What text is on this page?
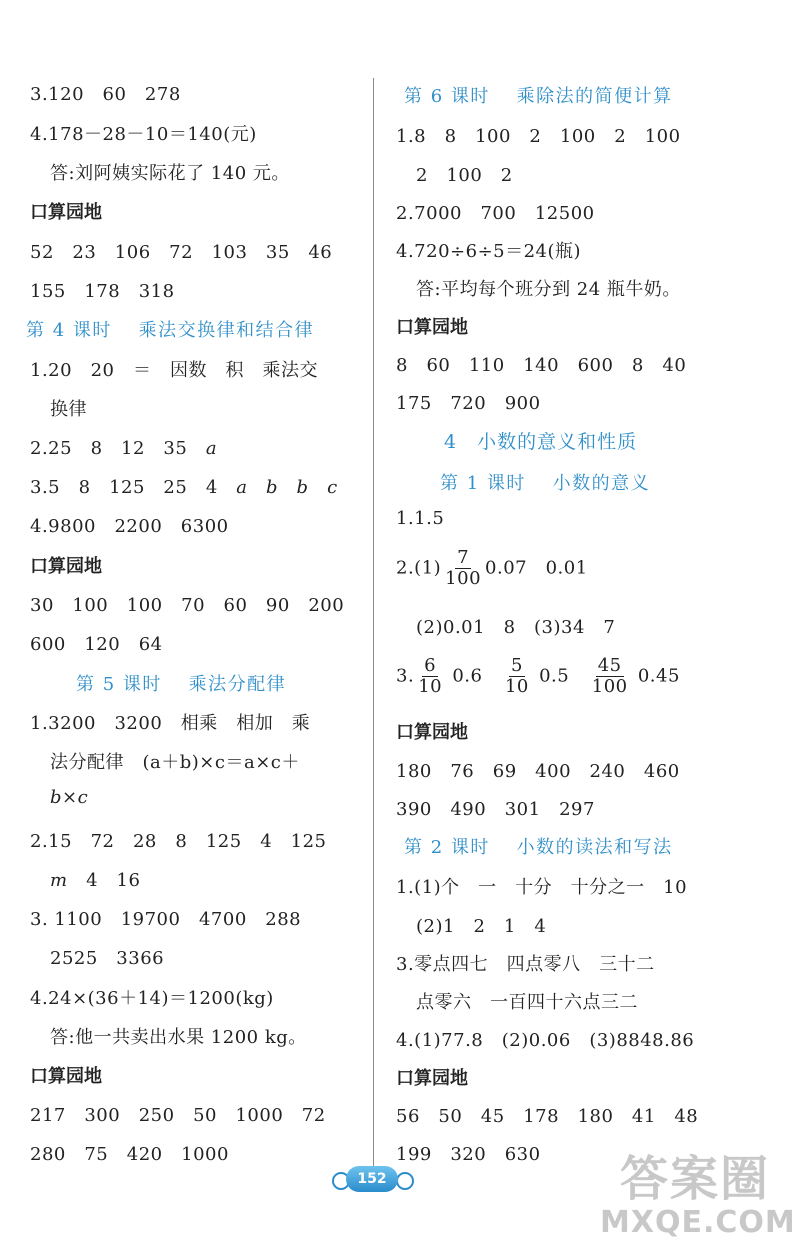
3.120　60　278
4.178－28－10＝140(元)
答:刘阿姨实际花了 140 元。
口算园地
52　23　106　72　103　35　46
155　178　318
第 4 课时　 乘法交换律和结合律
1.20　20　＝　因数　积　乘法交
换律
2.25　8　12　35　a
3.5　8　125　25　4　a　b　b　c
4.9800　2200　6300
口算园地
30　100　100　70　60　90　200
600　120　64
第 5 课时　 乘法分配律
1.3200　3200　相乘　相加　乘
法分配律　(a＋b)×c＝a×c＋
b×c
2.15　72　28　8　125　4　125
m　4　16
3. 1100　19700　4700　288
2525　3366
4.24×(36＋14)＝1200(kg)
答:他一共卖出水果 1200 kg。
口算园地
217　300　250　50　1000　72
280　75　420　1000
第 6 课时　 乘除法的简便计算
1.8　8　100　2　100　2　100
2　100　2
2.7000　700　12500
4.720÷6÷5＝24(瓶)
答:平均每个班分到 24 瓶牛奶。
口算园地
8　60　110　140　600　8　40
175　720　900
4　小数的意义和性质
第 1 课时　 小数的意义
1.1.5
$2.(1) \frac{7}{100} 0.07$　0.01
(2)0.01　8　(3)34　7
3. $\frac{6}{10} 0.6$　 $\frac{5}{10} 0.5$　 $\frac{45}{100} 0.45$
口算园地
180　76　69　400　240　460
390　490　301　297
第 2 课时　 小数的读法和写法
1.(1)个　一　十分　十分之一　10
(2)1　2　1　4
3.零点四七　四点零八　三十二
点零六　一百四十六点三二
4.(1)77.8　(2)0.06　(3)8848.86
口算园地
56　50　45　178　180　41　48
199　320　630
152	答案圈
MXQE.COM
